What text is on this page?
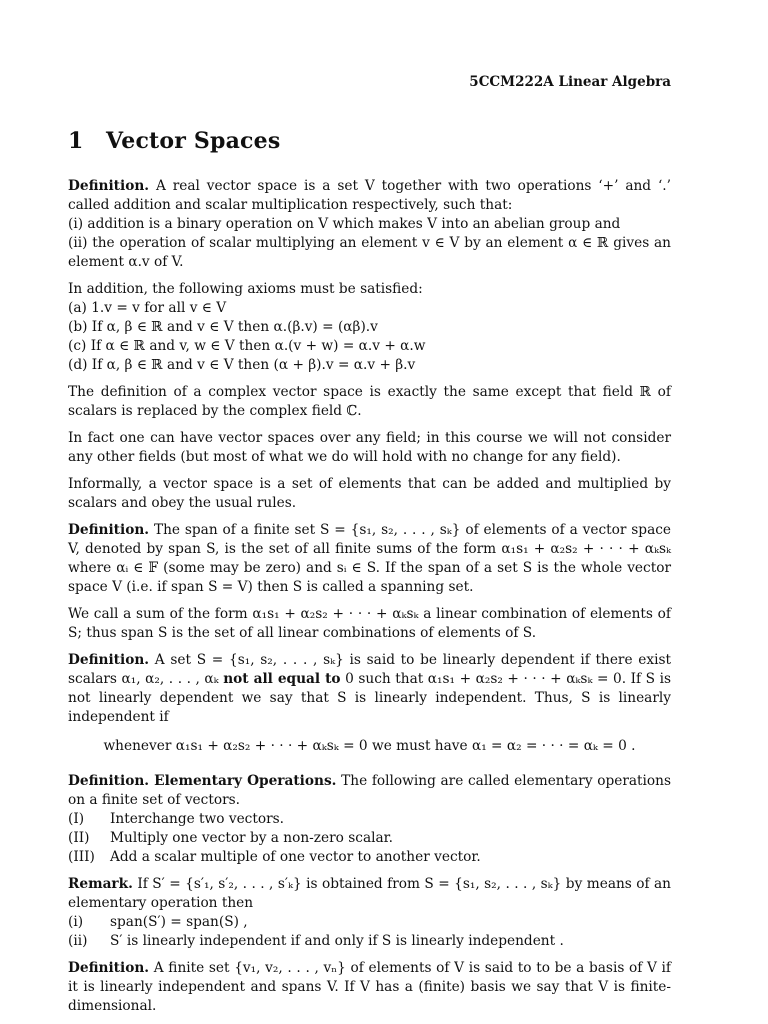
5CCM222A Linear Algebra
1 Vector Spaces

Definition. A real vector space is a set V together with two operations ‘+’ and ‘.’ called addition and scalar multiplication respectively, such that:
(i) addition is a binary operation on V which makes V into an abelian group and
(ii) the operation of scalar multiplying an element v ∈ V by an element α ∈ ℝ gives an element α.v of V.

In addition, the following axioms must be satisfied:
(a) 1.v = v for all v ∈ V
(b) If α, β ∈ ℝ and v ∈ V then α.(β.v) = (αβ).v
(c) If α ∈ ℝ and v, w ∈ V then α.(v + w) = α.v + α.w
(d) If α, β ∈ ℝ and v ∈ V then (α + β).v = α.v + β.v

The definition of a complex vector space is exactly the same except that field ℝ of scalars is replaced by the complex field ℂ.

In fact one can have vector spaces over any field; in this course we will not consider any other fields (but most of what we do will hold with no change for any field).

Informally, a vector space is a set of elements that can be added and multiplied by scalars and obey the usual rules.

Definition. The span of a finite set S = {s₁, s₂, . . . , sₖ} of elements of a vector space V, denoted by span S, is the set of all finite sums of the form α₁s₁ + α₂s₂ + · · · + αₖsₖ where αᵢ ∈ 𝔽 (some may be zero) and sᵢ ∈ S. If the span of a set S is the whole vector space V (i.e. if span S = V) then S is called a spanning set.

We call a sum of the form α₁s₁ + α₂s₂ + · · · + αₖsₖ a linear combination of elements of S; thus span S is the set of all linear combinations of elements of S.

Definition. A set S = {s₁, s₂, . . . , sₖ} is said to be linearly dependent if there exist scalars α₁, α₂, . . . , αₖ not all equal to 0 such that α₁s₁ + α₂s₂ + · · · + αₖsₖ = 0. If S is not linearly dependent we say that S is linearly independent. Thus, S is linearly independent if

whenever α₁s₁ + α₂s₂ + · · · + αₖsₖ = 0 we must have α₁ = α₂ = · · · = αₖ = 0 .

Definition. Elementary Operations. The following are called elementary operations on a finite set of vectors.
(I) Interchange two vectors.
(II) Multiply one vector by a non-zero scalar.
(III) Add a scalar multiple of one vector to another vector.

Remark. If S′ = {s′₁, s′₂, . . . , s′ₖ} is obtained from S = {s₁, s₂, . . . , sₖ} by means of an elementary operation then
(i) span(S′) = span(S) ,
(ii) S′ is linearly independent if and only if S is linearly independent .

Definition. A finite set {v₁, v₂, . . . , vₙ} of elements of V is said to to be a basis of V if it is linearly independent and spans V. If V has a (finite) basis we say that V is finite-dimensional.
